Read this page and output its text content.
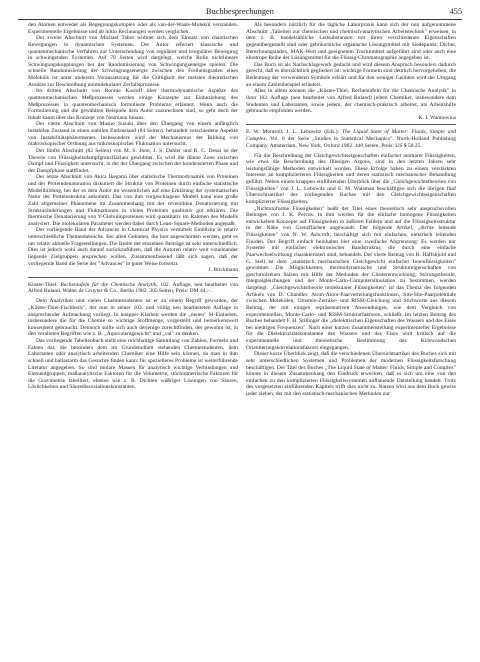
Buchbesprechungen	455

den Atomen entweder als Begegnungskomplex oder als van-der-Waals-Molekül verstanden. Experimentelle Ergebnisse und ab initio Rechnungen werden verglichen.

Der zweite Abschnitt von Michael Tabor widmet sich dem Einsatz von chaotischen Bewegungen in dynamischen Systemen. Der Autor referiert klassische und quantenmechanische Verfahren zur Unterscheidung von regulärer und irregulärer Bewegung in schwingenden Systemen. Auf 78 Seiten wird dargelegt, welche Rolle nichtlineare Schwingungskopplungen bei der Randomisierung von Schwingungsenergie spielen. Die schnelle Randomisierung der Schwingungsenergie zwischen den Freiheitsgraden eines Moleküls ist unter anderem Voraussetzung für die Gültigkeit der meisten theoretischen Ansätze zur Beschreibung unimolekularer Zerfallsprozesse.

Im dritten Abschnitt von Ronnie Kosloff über thermodynamische Aspekte des quantenmechanischen Meßprozesses werden einige Konzepte zur Einbeziehung des Meßprozesses in quantenmechanisch formulierte Probleme erläutert. Wenn auch die Formulierung und die gewählten Beispiele dem Autor zuzurechnen sind, so geht doch der Inhalt kaum über das Konzept von Neumann hinaus.

Der vierte Abschnitt von Masuo Suzuki über den Übergang von einem anfänglich instabilen Zustand in einen stabilen Endzustand (84 Seiten), behandelt verschiedene Aspekte von Instabilitätsphänomenen. Insbesondere wird der Mechanismus der Bildung von makroskopischer Ordnung aus mikroskopischer Fluktuation untersucht.

Der fünfte Abschnitt (82 Seiten) von M. S. Jhon, J. S. Dahler und R. C. Desai ist der Theorie von Flüssigkeitsdampfgrenzflächen gewidmet. Es wird die dünne Zone zwischen Dampf und Flüssigkeit untersucht, in der der Übergang zwischen der kondensierten Phase und der Dampfphase stattfindet.

Der letzte Abschnitt von Akira Ikegami über statistische Thermodynamik von Proteinen und der Proteindenaturation diskutiert die Struktur von Proteinen durch einfache statistische Modellbildung, bei der es dem Autor im wesentlichen auf eine Erklärung der systematischen Natur der Proteinstruktur ankommt. Das von ihm vorgeschlagene Modell kann eine große Zahl allgemeiner Phänomene im Zusammenhang mit der reversiblen Denaturierung mit Strukturänderungen und Fluktuationen in vielen Proteinen qualitativ gut erklären. Die thermische Denaturierung von Y-Globulinproteinen wird quantitativ im Rahmen des Modells analysiert. Die molekularen Parameter werden dabei durch Least-Square-Methoden angepaßt.

Der vorliegende Band der Advances in Chemical Physics vermittelt Einblicke in relativ unterschiedliche Themenbereiche. Bei allen Gebieten, die hier angeschnitten werden, geht es um relativ aktuelle Fragestellungen. Die Breite der einzelnen Beiträge ist sehr unterschiedlich. Dies ist jedoch wohl auch darauf zurückzuführen, daß die Autoren relativ weit voneinander liegende Zielgruppen ansprechen wollen. Zusammenfassend läßt sich sagen, daß der vorliegende Band die Serie der "Advances" in guter Weise fortsetzt.

J. Brickmann

Küster-Thiel: Rechentafeln für die Chemische Analytik, 102. Auflage, neu bearbeitet von Alfred Ruland. Walter de Gruyter & Co., Berlin 1982. 305 Seiten, Preis: DM 44,– .

Dem Analytiker und vielen Chemiestudenten ist er zu einem Begriff geworden, der „Küster-Thiel-Fischbeck", der nun in seiner 102. und völlig neu bearbeiteten Auflage in ansprechender Aufmachung vorliegt. In knapper Klarheit werden die „neuen" SI-Einheiten, insbesondere die für die Chemie so wichtige Stoffmenge, vorgestellt und bemerkenswert konsequent gebraucht. Dennoch sollte sich auch derjenige zurechtfinden, der gewohnt ist, in den veralteten Begriffen wie z. B. „Äquivalentgewicht" und „val" zu denken.

Das vorliegende Tabellenbuch stellt eine reichhaltige Sammlung von Zahlen, Formeln und Fakten dar, die besonders dem im Grundstudium stehenden Chemiestudenten, dem Laboranten oder analytisch arbeitenden Chemiker eine Hilfe sein können, da man in ihm schnell und ballastarm das Gesuchte finden kann; für spezielleres Probleme ist weiterführende Literatur angegeben. So sind molare Massen für analytisch wichtige Verbindungen und Elementgruppen, maßanalytische Faktoren für die Volumetrie, stöchiometrische Faktoren für die Gravimetrie tabelliert, ebenso wie z. B. Dichten wäßriger Lösungen von Säuren, Löslichkeiten und Säuredissoziationskonstanten.

Als besonders nützlich für die tägliche Laborpraxis kann sich der nun aufgenommene Abschnitt „Tabellen zur chemischen und chemisch-analytischen Arbeitstechnik" erweisen, in dem z. B. handelsübliche Leitsubstanzen mit ihren verschiedenen Eigenschaften gegenübergestellt sind oder gebräuchliche organische Lösungsmittel mit Siedepunkt, Dichte, Berechnungsindex, MAK-Wert und geeignetem Trocknmittel aufgeführt sind oder auch eine eluotrope Reihe der Lösungsmittel für die Flüssig-Chromatographie angegeben ist.

Das Buch ist als Nachschlagewerk gedacht und wird diesem Anspruch besonders dadurch gerecht, daß es übersichtlich gegliedert ist: wichtige Formeln sind deutlich hervorgehoben, die Bedeutung der verwendeten Symbole erklärt und für den weniger Geübten wird der Umgang an einem Zahlenbeispiel erläutert.

Alles in allem können die „Küster-Thiel, Rechentafeln für die Chemische Analytik" in ihrer 102. Auflage (neu bearbeitet von Alfred Ruland) jedem Chemiker, insbesondere dem Studenten und Laboranten, sowie jedem, der chemisch-praktisch arbeitet, als Arbeitshilfe gebraucht empfohlen werden.

K. J. Wannowius

E. W. Montroll, J. L. Lebowitz (Eds.): The Liquid State of Matter: Fluids, Simple and Complex, Vol. 8 der Serie „Studies in Statistical Mechanics". North-Holland Publishing Company, Amsterdam, New York, Oxford 1982. 440 Seiten, Preis: US $ 58.25.

Für die Beschreibung der Gleichgewichtseigenschaften einfacher atomarer Flüssigkeiten, wie etwa die Beschreibung des flüssigen Argons, sind in den letzten Jahren sehr leistungsfähige Methoden entwickelt worden. Diese Erfolge haben zu einem verstärkten Interesse an komplizierteren Flüssigkeiten und deren statistisch mechanischer Behandlung geführt. Neben einem knappen einführenden Überblick über die „Gleichgewichtstheorien von Flüssigkeiten" von J. L. Lebowitz und E. M. Waisman beschäftigen sich die übrigen fünf Übersichtsartikel des vorliegenden Buches mit den Gleichgewichtseigenschaften komplizierter Flüssigkeiten.

„Nichtuniforme Flüssigkeiten" heißt der Titel eines theoretisch sehr anspruchsvollen Beitrages von J. K. Percus. In ihm werden für die einfache homogene Flüssigkeiten entwickelten Konzepte auf Flüssigkeiten in äußeren Feldern und auf die Flüssigkeitsstruktur in der Nähe von Grenzflächen angewandt. Der folgende Artikel, „dichte leitende Flüssigkeiten" von N. W. Ashcroft, beschäftigt sich mit einfachen, elektrisch leitenden Fluiden. Der Begriff einfach beinhaltet hier eine zweifache Abgrenzung: Es werden nur Systeme mit einfacher elektronischer Bandstruktur, die durch eine einfache Paarwechselwirkung charakterisiert sind, behandelt. Der vierte Beitrag von R. Haffskjold und G. Stell ist dem „statistisch mechanischen Gleichgewicht einfacher Ionenflüssigkeiten" gewidmet. Die Möglichkeiten, thermodynamische und Struktureigenschaften von geschmolzenen Salzen mit Hilfe der Methoden der Clusterentwicklung, Störungstheorie, Integralgleichungen und der Monte-Carlo-Computersimulation zu bestimmen, werden dargelegt. „Gleichgewichtstheorie molekularer Flüssigkeiten" ist das Thema des folgenden Artikels von D. Chandler. Atom-Atom-Paarverteilungsfunktionen, Site-Site-Paarpotentiale zwischen Molekülen, Ornstein-Zernike- und RISM-Gleichung und Stichworte aus diesem Beitrag, der mit einigen repräsentativen Anwendungen, wie dem Vergleich von experimentellen, Monte-Carlo- und RISM-Strukturfaktoren, schließt. Im letzten Beitrag des Buches behandelt F. H. Stillinger die „dielektrischen Eigenschaften des Wassers und des Eises bei niedrigen Frequenzen". Nach einer kurzen Zusammenstellung experimenteller Ergebnisse für die Dielektrizitätskonstanten des Wassers und des Eises wird kritisch auf die experimentelle und theoretische Bestimmung des Kirkwoodschen Orientierungskorrelationsfaktors eingegangen.

Dieser kurze Überblick zeigt, daß die verschiedenen Übersichtsartikel des Buches sich mit sehr unterschiedlichen Systemen und Problemen der modernen Flüssigkeitsforschung beschäftigen. Der Titel des Buches „The Liquid State of Matter: Fluids, Simple and Complex" könnte in diesem Zusammenhang den Eindruck erwecken, daß es sich um eine von den einfachen zu den komplizierten Flüssigkeitssystemen aufbauende Darstellung handelt. Trotz des vorgesetzten einführenden Kapitels trifft dies nicht zu. Natzen wird aus dem Buch gewiss jeder ziehen, der mit den statistisch-mechanischen Methoden zur
